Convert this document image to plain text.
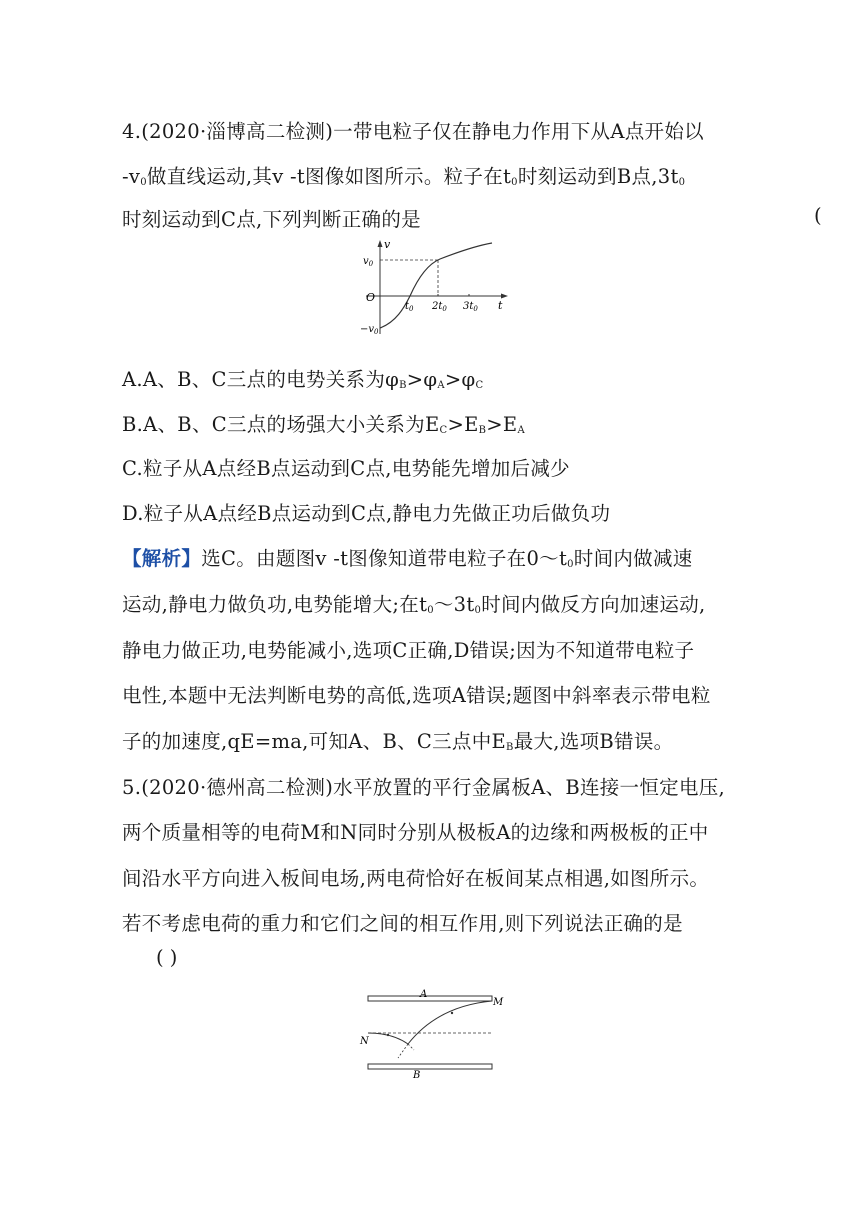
4.(2020·淄博高二检测)一带电粒子仅在静电力作用下从A点开始以
$-v_0$做直线运动,其v -t图像如图所示。粒子在$t_0$时刻运动到B点$,3t_0$
时刻运动到C点,下列判断正确的是	(
v
t
O
$v_0$
$-v_0$
$t_0$ $2t_0$ $3t_0$
A.A、B、C三点的电势关系为$\varphi_B>\varphi_A>\varphi_C$
B.A、B、C三点的场强大小关系为$E_C>E_B>E_A$
C.粒子从A点经B点运动到C点,电势能先增加后减少
D.粒子从A点经B点运动到C点,静电力先做正功后做负功
【解析】选C。由题图v -t图像知道带电粒子在$0\sim t_0$时间内做减速
运动,静电力做负功,电势能增大;在$t_0\sim 3t_0$时间内做反方向加速运动,
静电力做正功,电势能减小,选项C正确,D错误;因为不知道带电粒子
电性,本题中无法判断电势的高低,选项A错误;题图中斜率表示带电粒
子的加速度,qE=ma,可知A、B、C三点中$E_B$最大,选项B错误。
5.(2020·德州高二检测)水平放置的平行金属板A、B连接一恒定电压,
两个质量相等的电荷M和N同时分别从极板A的边缘和两极板的正中
间沿水平方向进入板间电场,两电荷恰好在板间某点相遇,如图所示。
若不考虑电荷的重力和它们之间的相互作用,则下列说法正确的是
( )
A
B
M
N
